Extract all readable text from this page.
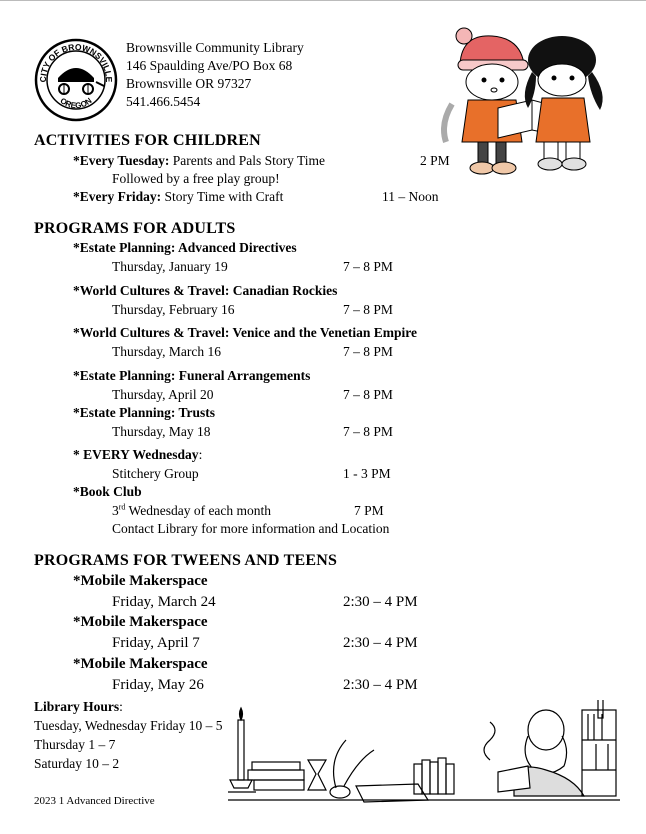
CITY OF BROWNSVILLE
OREGON
Brownsville Community Library
146 Spaulding Ave/PO Box 68
Brownsville OR 97327
541.466.5454
ACTIVITIES FOR CHILDREN
*Every Tuesday: Parents and Pals Story Time	2 PM
Followed by a free play group!
*Every Friday: Story Time with Craft	11 – Noon
PROGRAMS FOR ADULTS
*Estate Planning: Advanced Directives
Thursday, January 19	7 – 8 PM
*World Cultures & Travel: Canadian Rockies
Thursday, February 16	7 – 8 PM
*World Cultures & Travel: Venice and the Venetian Empire
Thursday, March 16	7 – 8 PM
*Estate Planning: Funeral Arrangements
Thursday, April 20	7 – 8 PM
*Estate Planning: Trusts
Thursday, May 18	7 – 8 PM
* EVERY Wednesday:
Stitchery Group	1 - 3 PM
*Book Club
3rd Wednesday of each month	7 PM
Contact Library for more information and Location
PROGRAMS FOR TWEENS AND TEENS
*Mobile Makerspace
Friday, March 24	2:30 – 4 PM
*Mobile Makerspace
Friday, April 7	2:30 – 4 PM
*Mobile Makerspace
Friday, May 26	2:30 – 4 PM
Library Hours:
Tuesday, Wednesday Friday 10 – 5
Thursday 1 – 7
Saturday 10 – 2
2023 1 Advanced Directive
